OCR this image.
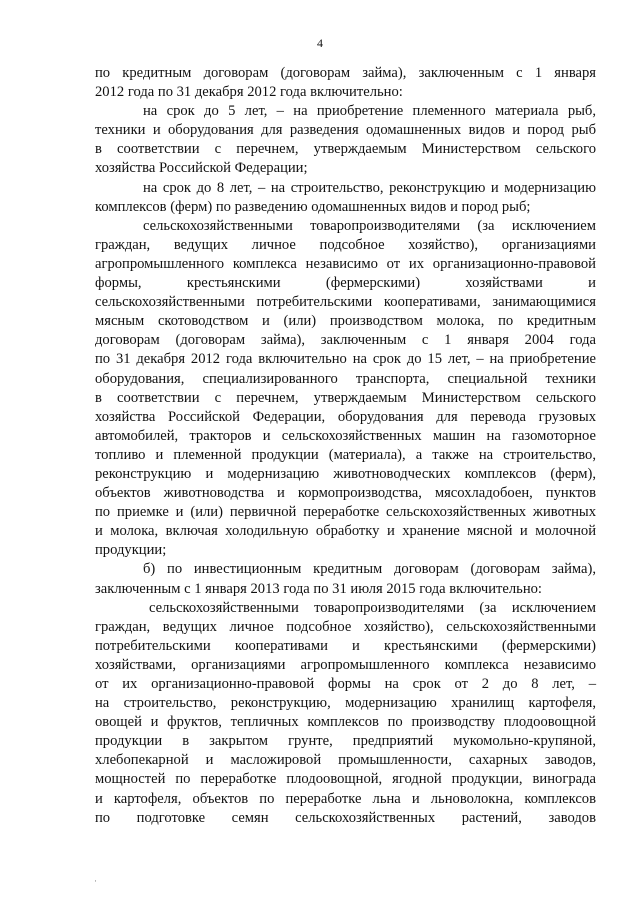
4
по кредитным договорам (договорам займа), заключенным с 1 января
2012 года по 31 декабря 2012 года включительно:
на срок до 5 лет, – на приобретение племенного материала рыб,
техники и оборудования для разведения одомашненных видов и пород рыб
в соответствии с перечнем, утверждаемым Министерством сельского
хозяйства Российской Федерации;
на срок до 8 лет, – на строительство, реконструкцию и модернизацию
комплексов (ферм) по разведению одомашненных видов и пород рыб;
сельскохозяйственными товаропроизводителями (за исключением
граждан, ведущих личное подсобное хозяйство), организациями
агропромышленного комплекса независимо от их организационно-правовой
формы, крестьянскими (фермерскими) хозяйствами и
сельскохозяйственными потребительскими кооперативами, занимающимися
мясным скотоводством и (или) производством молока, по кредитным
договорам (договорам займа), заключенным с 1 января 2004 года
по 31 декабря 2012 года включительно на срок до 15 лет, – на приобретение
оборудования, специализированного транспорта, специальной техники
в соответствии с перечнем, утверждаемым Министерством сельского
хозяйства Российской Федерации, оборудования для перевода грузовых
автомобилей, тракторов и сельскохозяйственных машин на газомоторное
топливо и племенной продукции (материала), а также на строительство,
реконструкцию и модернизацию животноводческих комплексов (ферм),
объектов животноводства и кормопроизводства, мясохладобоен, пунктов
по приемке и (или) первичной переработке сельскохозяйственных животных
и молока, включая холодильную обработку и хранение мясной и молочной
продукции;
б) по инвестиционным кредитным договорам (договорам займа),
заключенным с 1 января 2013 года по 31 июля 2015 года включительно:
сельскохозяйственными товаропроизводителями (за исключением
граждан, ведущих личное подсобное хозяйство), сельскохозяйственными
потребительскими кооперативами и крестьянскими (фермерскими)
хозяйствами, организациями агропромышленного комплекса независимо
от их организационно-правовой формы на срок от 2 до 8 лет, –
на строительство, реконструкцию, модернизацию хранилищ картофеля,
овощей и фруктов, тепличных комплексов по производству плодоовощной
продукции в закрытом грунте, предприятий мукомольно-крупяной,
хлебопекарной и масложировой промышленности, сахарных заводов,
мощностей по переработке плодоовощной, ягодной продукции, винограда
и картофеля, объектов по переработке льна и льноволокна, комплексов
по подготовке семян сельскохозяйственных растений, заводов
·
